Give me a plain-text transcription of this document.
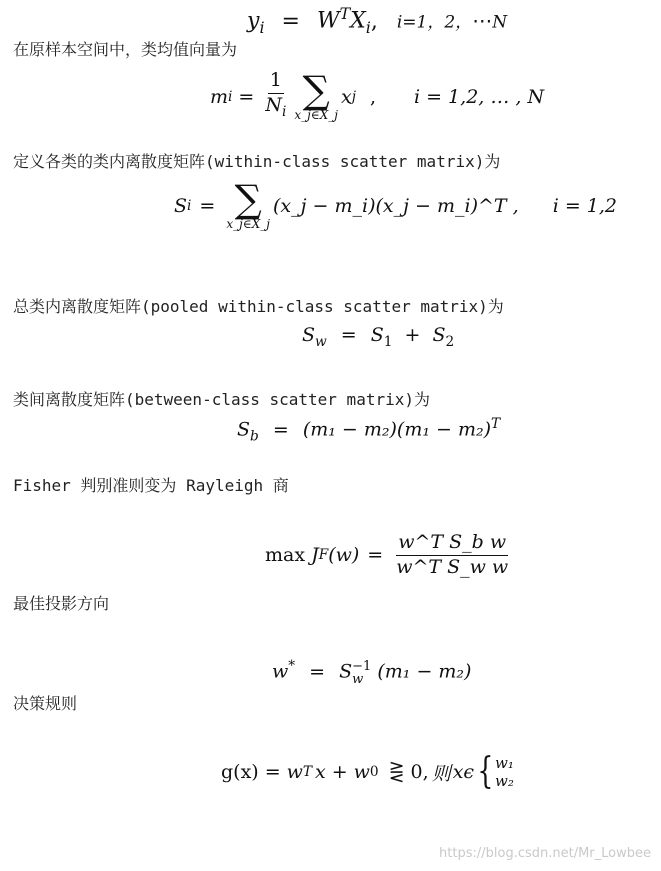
$y_i = W^TX_i$, i=1，2，⋯N
在原样本空间中，类均值向量为
m $i = \frac{1}{N_i}$ ∑
x_j∈X_j
x j , i = 1,2, … , N
定义各类的类内离散度矩阵(within-class scatter matrix)为
S i = ∑
x_j∈X_j
(x_j − m_i)(x_j − m_i)^T , i = 1,2
总类内离散度矩阵(pooled within-class scatter matrix)为
$S_w = S_1 + S_2$
类间离散度矩阵(between-class scatter matrix)为
$S_b = (m_1 - m_2)(m_1 - m_2)^T$
Fisher 判别准则变为 Rayleigh 商
max J F $(w) = \frac{\text{w\textasciicircum{}T S\_b w}}{\text{w\textasciicircum{}T S\_w w}}$
最佳投影方向
w* = S −1
w (m₁ − m₂)
决策规则
g(x) = w T x + w 0 ⋛ 0, 则 x ϵ { w₁
w₂
https://blog.csdn.net/Mr_Lowbee
